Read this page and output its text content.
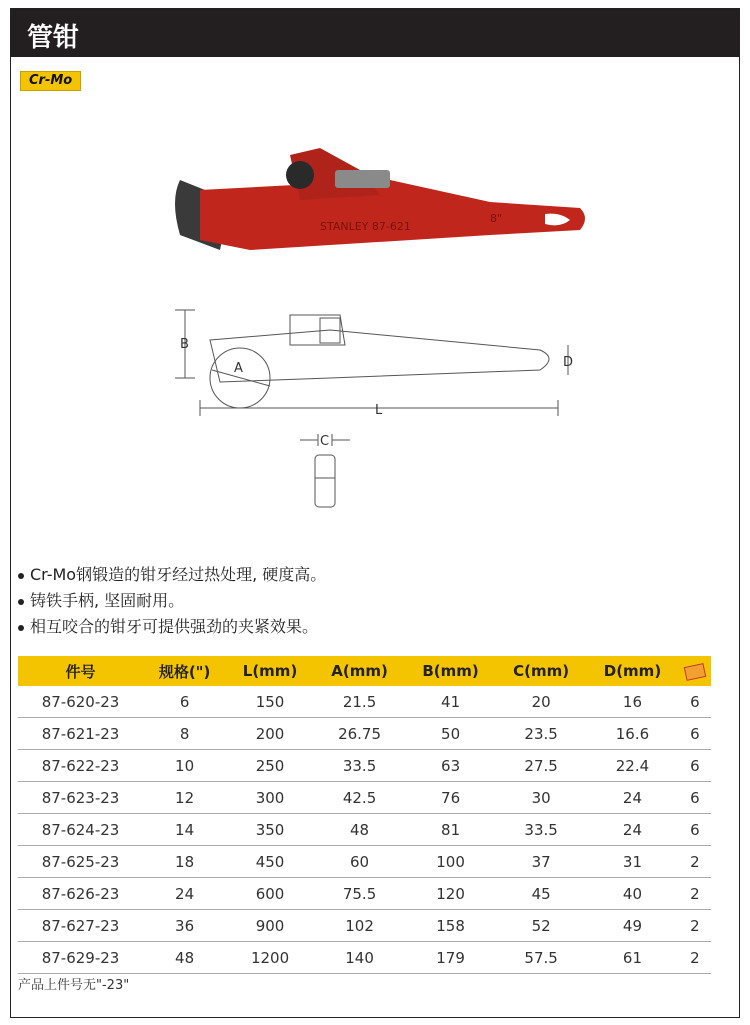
管钳
Cr-Mo
STANLEY 87-621
8"
B
A
L
D
C
Cr-Mo钢锻造的钳牙经过热处理, 硬度高。
铸铁手柄, 坚固耐用。
相互咬合的钳牙可提供强劲的夹紧效果。
件号	规格(")	L(mm)	A(mm)	B(mm)	C(mm)	D(mm)	
87-620-23	6	150	21.5	41	20	16	6
87-621-23	8	200	26.75	50	23.5	16.6	6
87-622-23	10	250	33.5	63	27.5	22.4	6
87-623-23	12	300	42.5	76	30	24	6
87-624-23	14	350	48	81	33.5	24	6
87-625-23	18	450	60	100	37	31	2
87-626-23	24	600	75.5	120	45	40	2
87-627-23	36	900	102	158	52	49	2
87-629-23	48	1200	140	179	57.5	61	2
产品上件号无"-23"
